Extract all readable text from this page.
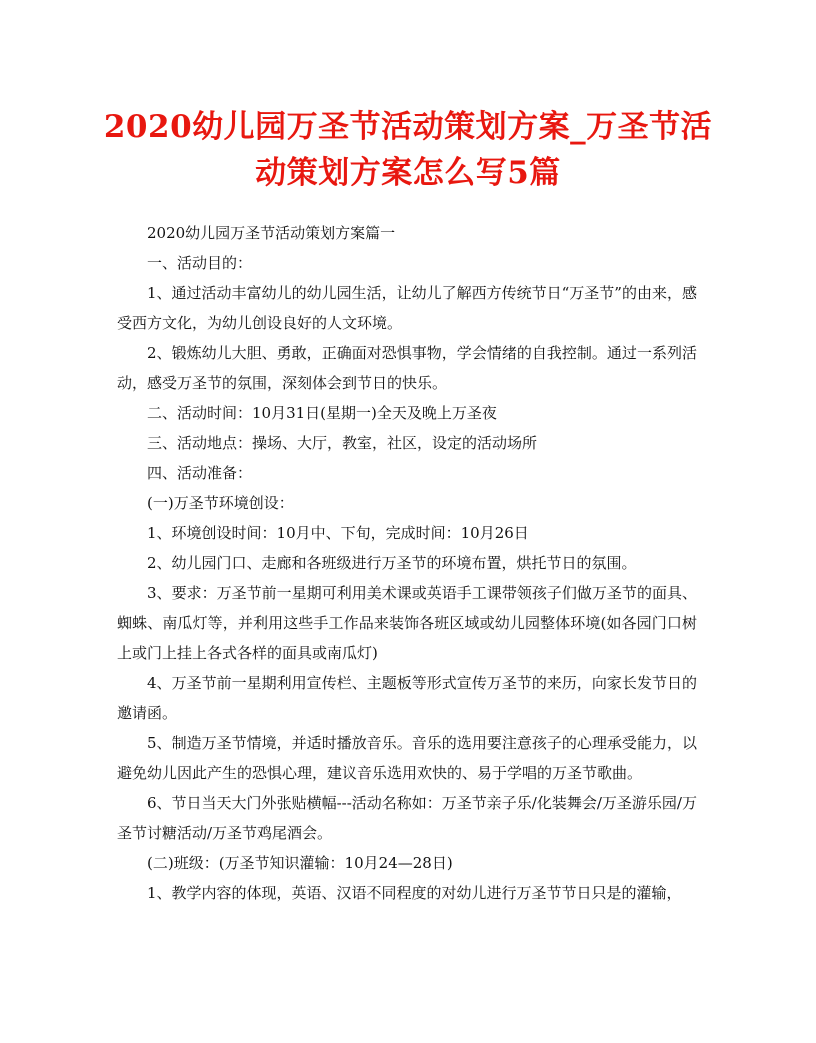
2020幼儿园万圣节活动策划方案_万圣节活动策划方案怎么写5篇

2020幼儿园万圣节活动策划方案篇一

一、活动目的：

1、通过活动丰富幼儿的幼儿园生活，让幼儿了解西方传统节日“万圣节”的由来，感受西方文化，为幼儿创设良好的人文环境。

2、锻炼幼儿大胆、勇敢，正确面对恐惧事物，学会情绪的自我控制。通过一系列活动，感受万圣节的氛围，深刻体会到节日的快乐。

二、活动时间：10月31日(星期一)全天及晚上万圣夜

三、活动地点：操场、大厅，教室，社区，设定的活动场所

四、活动准备：

(一)万圣节环境创设：

1、环境创设时间：10月中、下旬，完成时间：10月26日

2、幼儿园门口、走廊和各班级进行万圣节的环境布置，烘托节日的氛围。

3、要求：万圣节前一星期可利用美术课或英语手工课带领孩子们做万圣节的面具、蜘蛛、南瓜灯等，并利用这些手工作品来装饰各班区域或幼儿园整体环境(如各园门口树上或门上挂上各式各样的面具或南瓜灯)

4、万圣节前一星期利用宣传栏、主题板等形式宣传万圣节的来历，向家长发节日的邀请函。

5、制造万圣节情境，并适时播放音乐。音乐的选用要注意孩子的心理承受能力，以避免幼儿因此产生的恐惧心理，建议音乐选用欢快的、易于学唱的万圣节歌曲。

6、节日当天大门外张贴横幅---活动名称如：万圣节亲子乐/化装舞会/万圣游乐园/万圣节讨糖活动/万圣节鸡尾酒会。

(二)班级：(万圣节知识灌输：10月24—28日)

1、教学内容的体现，英语、汉语不同程度的对幼儿进行万圣节节日只是的灌输，
